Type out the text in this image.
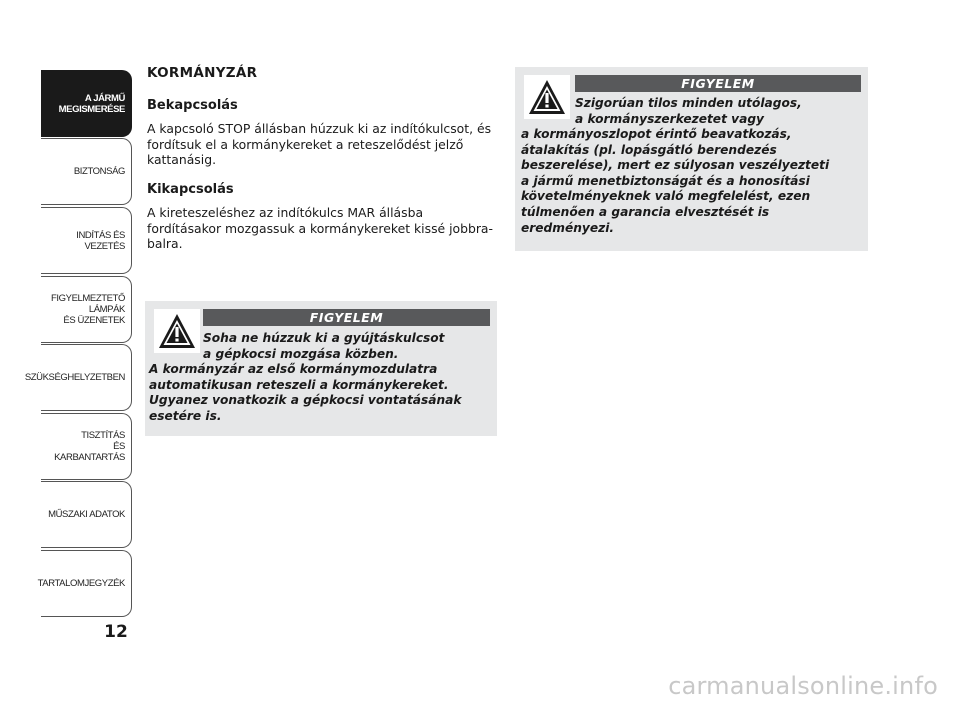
A JÁRMŰ
MEGISMERÉSE
BIZTONSÁG
INDÍTÁS ÉS VEZETÉS
FIGYELMEZTETŐ
LÁMPÁK
ÉS ÜZENETEK
SZÜKSÉGHELYZETBEN
TISZTÍTÁS
ÉS KARBANTARTÁS
MŰSZAKI ADATOK
TARTALOMJEGYZÉK
12
KORMÁNYZÁR
Bekapcsolás
A kapcsoló STOP állásban húzzuk ki az indítókulcsot, és fordítsuk el a kormánykereket a reteszelődést jelző kattanásig.
Kikapcsolás
A kireteszeléshez az indítókulcs MAR állásba fordításakor mozgassuk a kormánykereket kissé jobbra-balra.
FIGYELEM
Soha ne húzzuk ki a gyújtáskulcsot
a gépkocsi mozgása közben.
A kormányzár az első kormánymozdulatra
automatikusan reteszeli a kormánykereket.
Ugyanez vonatkozik a gépkocsi vontatásának
esetére is.
FIGYELEM
Szigorúan tilos minden utólagos,
a kormányszerkezetet vagy
a kormányoszlopot érintő beavatkozás,
átalakítás (pl. lopásgátló berendezés
beszerelése), mert ez súlyosan veszélyezteti
a jármű menetbiztonságát és a honosítási
követelményeknek való megfelelést, ezen
túlmenően a garancia elvesztését is
eredményezi.
carmanualsonline.info
